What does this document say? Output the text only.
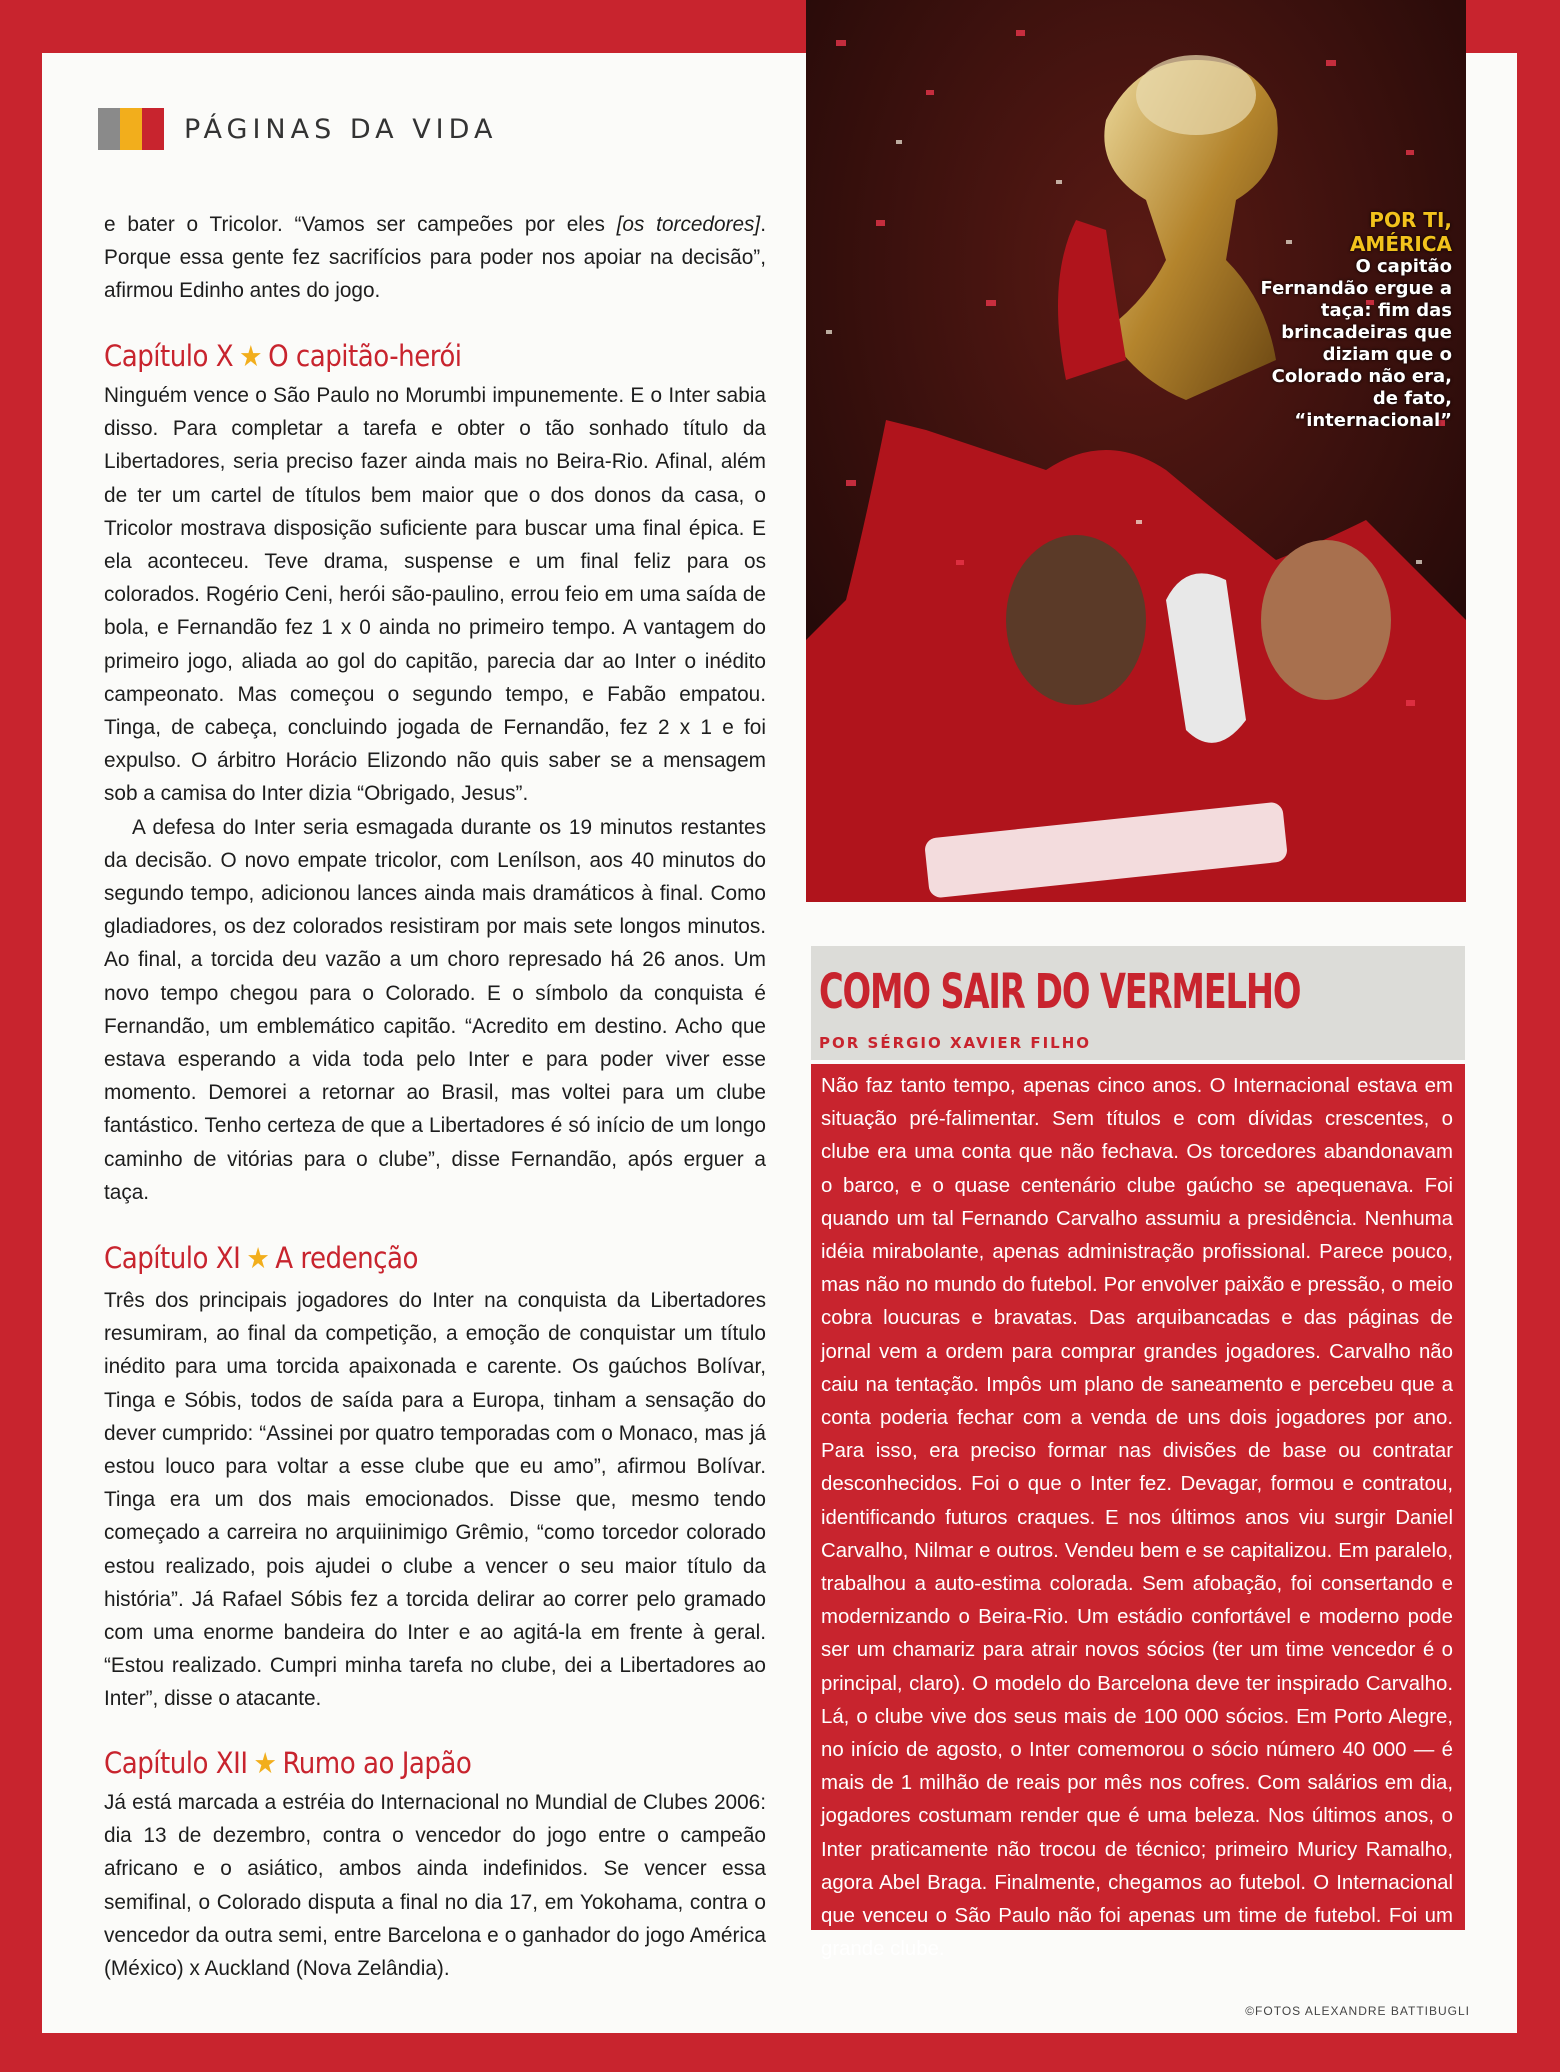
PÁGINAS DA VIDA

e bater o Tricolor. “Vamos ser campeões por eles [os torcedores]. Porque essa gente fez sacrifícios para poder nos apoiar na decisão”, afirmou Edinho antes do jogo.

Capítulo X ★ O capitão-herói

Ninguém vence o São Paulo no Morumbi impunemente. E o Inter sabia disso. Para completar a tarefa e obter o tão sonhado título da Libertadores, seria preciso fazer ainda mais no Beira-Rio. Afinal, além de ter um cartel de títulos bem maior que o dos donos da casa, o Tricolor mostrava disposição suficiente para buscar uma final épica. E ela aconteceu. Teve drama, suspense e um final feliz para os colorados. Rogério Ceni, herói são-paulino, errou feio em uma saída de bola, e Fernandão fez 1 x 0 ainda no primeiro tempo. A vantagem do primeiro jogo, aliada ao gol do capitão, parecia dar ao Inter o inédito campeonato. Mas começou o segundo tempo, e Fabão empatou. Tinga, de cabeça, concluindo jogada de Fernandão, fez 2 x 1 e foi expulso. O árbitro Horácio Elizondo não quis saber se a mensagem sob a camisa do Inter dizia “Obrigado, Jesus”.

A defesa do Inter seria esmagada durante os 19 minutos restantes da decisão. O novo empate tricolor, com Lenílson, aos 40 minutos do segundo tempo, adicionou lances ainda mais dramáticos à final. Como gladiadores, os dez colorados resistiram por mais sete longos minutos. Ao final, a torcida deu vazão a um choro represado há 26 anos. Um novo tempo chegou para o Colorado. E o símbolo da conquista é Fernandão, um emblemático capitão. “Acredito em destino. Acho que estava esperando a vida toda pelo Inter e para poder viver esse momento. Demorei a retornar ao Brasil, mas voltei para um clube fantástico. Tenho certeza de que a Libertadores é só início de um longo caminho de vitórias para o clube”, disse Fernandão, após erguer a taça.

Capítulo XI ★ A redenção

Três dos principais jogadores do Inter na conquista da Libertadores resumiram, ao final da competição, a emoção de conquistar um título inédito para uma torcida apaixonada e carente. Os gaúchos Bolívar, Tinga e Sóbis, todos de saída para a Europa, tinham a sensação do dever cumprido: “Assinei por quatro temporadas com o Monaco, mas já estou louco para voltar a esse clube que eu amo”, afirmou Bolívar. Tinga era um dos mais emocionados. Disse que, mesmo tendo começado a carreira no arquiinimigo Grêmio, “como torcedor colorado estou realizado, pois ajudei o clube a vencer o seu maior título da história”. Já Rafael Sóbis fez a torcida delirar ao correr pelo gramado com uma enorme bandeira do Inter e ao agitá-la em frente à geral. “Estou realizado. Cumpri minha tarefa no clube, dei a Libertadores ao Inter”, disse o atacante.

Capítulo XII ★ Rumo ao Japão

Já está marcada a estréia do Internacional no Mundial de Clubes 2006: dia 13 de dezembro, contra o vencedor do jogo entre o campeão africano e o asiático, ambos ainda indefinidos. Se vencer essa semifinal, o Colorado disputa a final no dia 17, em Yokohama, contra o vencedor da outra semi, entre Barcelona e o ganhador do jogo América (México) x Auckland (Nova Zelândia).

POR TI,
AMÉRICA
O capitão Fernandão ergue a taça: fim das brincadeiras que diziam que o Colorado não era, de fato, “internacional”
COMO SAIR DO VERMELHO
POR SÉRGIO XAVIER FILHO
Não faz tanto tempo, apenas cinco anos. O Internacional estava em situação pré-falimentar. Sem títulos e com dívidas crescentes, o clube era uma conta que não fechava. Os torcedores abandonavam o barco, e o quase centenário clube gaúcho se apequenava. Foi quando um tal Fernando Carvalho assumiu a presidência. Nenhuma idéia mirabolante, apenas administração profissional. Parece pouco, mas não no mundo do futebol. Por envolver paixão e pressão, o meio cobra loucuras e bravatas. Das arquibancadas e das páginas de jornal vem a ordem para comprar grandes jogadores. Carvalho não caiu na tentação. Impôs um plano de saneamento e percebeu que a conta poderia fechar com a venda de uns dois jogadores por ano. Para isso, era preciso formar nas divisões de base ou contratar desconhecidos. Foi o que o Inter fez. Devagar, formou e contratou, identificando futuros craques. E nos últimos anos viu surgir Daniel Carvalho, Nilmar e outros. Vendeu bem e se capitalizou. Em paralelo, trabalhou a auto-estima colorada. Sem afobação, foi consertando e modernizando o Beira-Rio. Um estádio confortável e moderno pode ser um chamariz para atrair novos sócios (ter um time vencedor é o principal, claro). O modelo do Barcelona deve ter inspirado Carvalho. Lá, o clube vive dos seus mais de 100 000 sócios. Em Porto Alegre, no início de agosto, o Inter comemorou o sócio número 40 000 — é mais de 1 milhão de reais por mês nos cofres. Com salários em dia, jogadores costumam render que é uma beleza. Nos últimos anos, o Inter praticamente não trocou de técnico; primeiro Muricy Ramalho, agora Abel Braga. Finalmente, chegamos ao futebol. O Internacional que venceu o São Paulo não foi apenas um time de futebol. Foi um grande clube.
©FOTOS ALEXANDRE BATTIBUGLI
